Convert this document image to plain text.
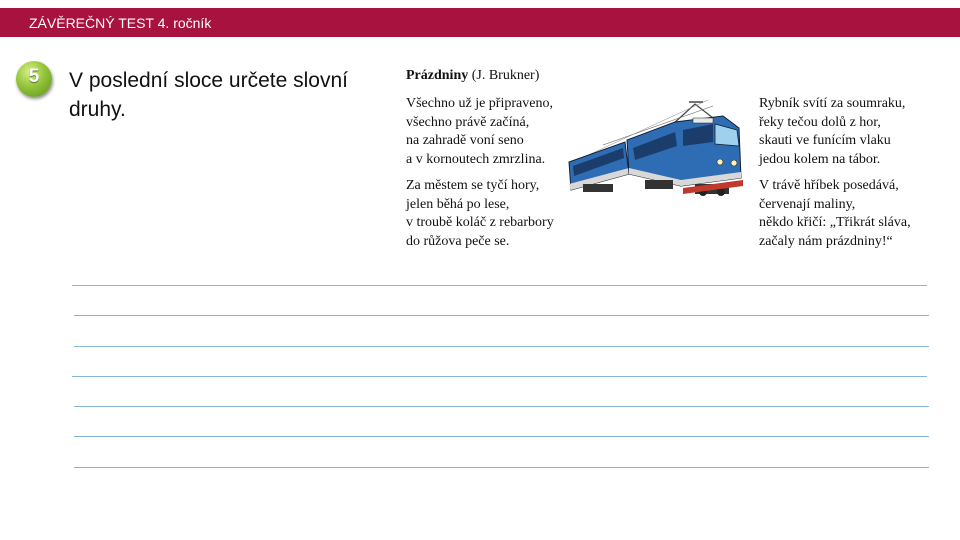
ZÁVĚREČNÝ TEST 4. ročník
5	V poslední sloce určete slovní druhy.
Prázdniny (J. Brukner)
Všechno už je připraveno,
všechno právě začíná,
na zahradě voní seno
a v kornoutech zmrzlina.
Za městem se tyčí hory,
jelen běhá po lese,
v troubě koláč z rebarbory
do růžova peče se.
Rybník svítí za soumraku,
řeky tečou dolů z hor,
skauti ve funícím vlaku
jedou kolem na tábor.
V trávě hříbek posedává,
červenají maliny,
někdo křičí: „Třikrát sláva,
začaly nám prázdniny!“
